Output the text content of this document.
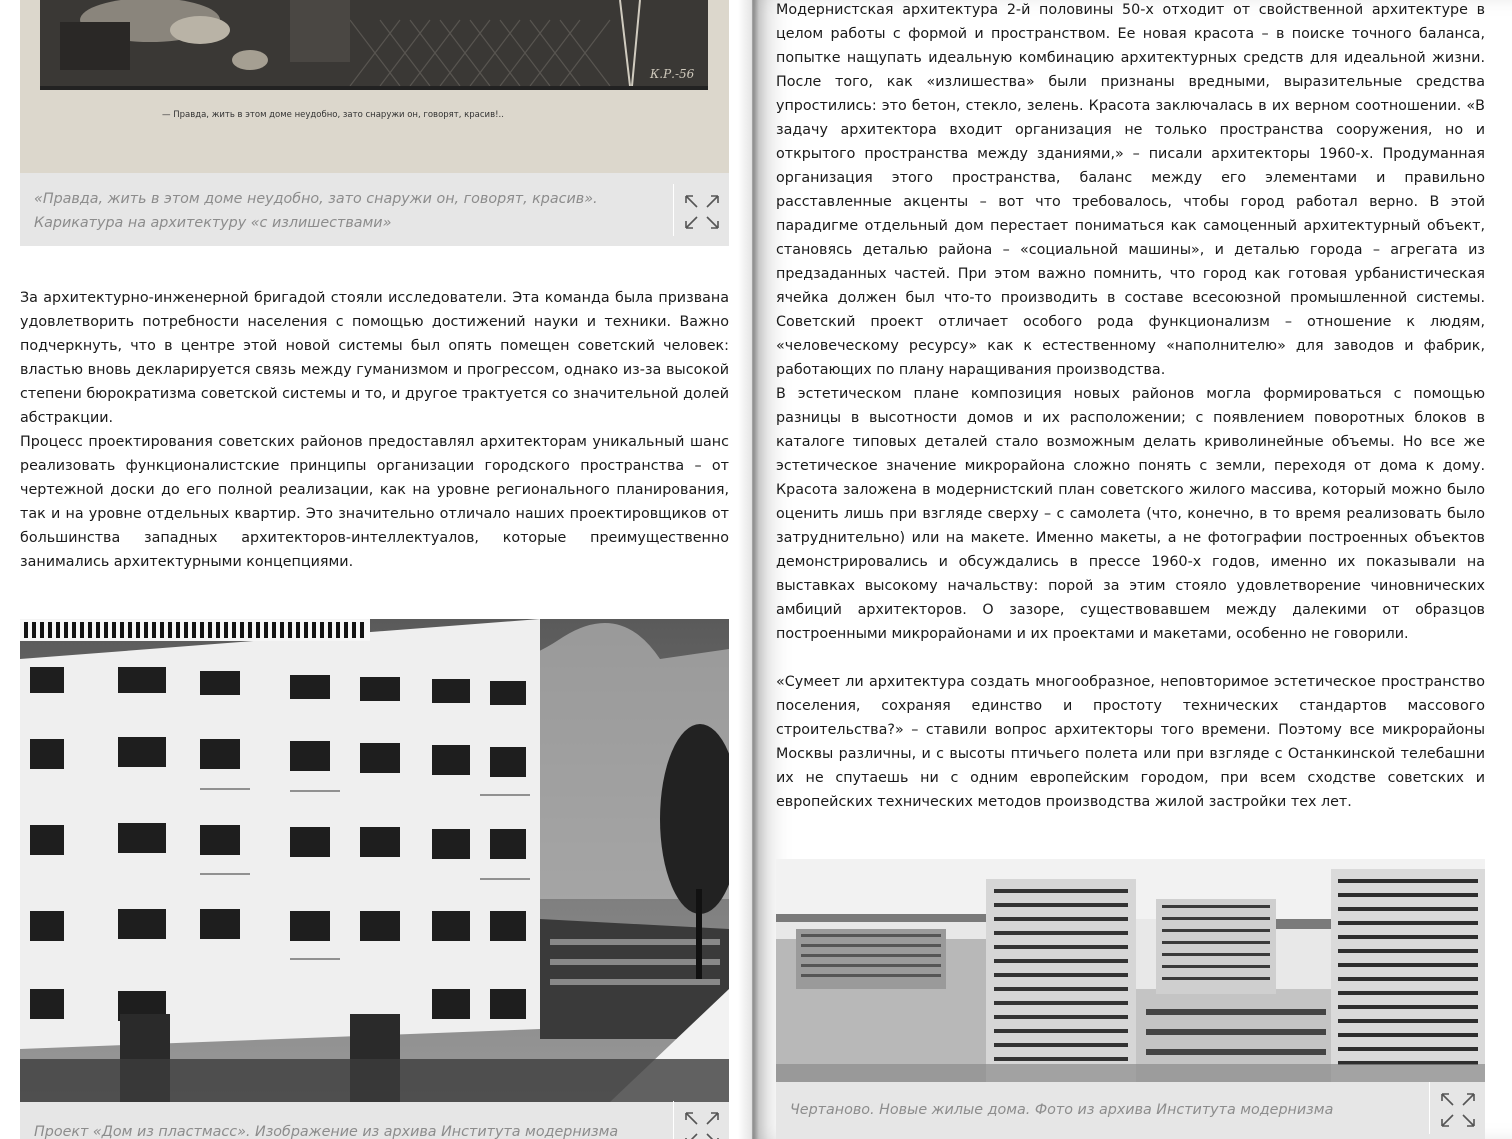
К.Р.-56
— Правда, жить в этом доме неудобно, зато снаружи он, говорят, красив!..

«Правда, жить в этом доме неудобно, зато снаружи он, говорят, красив». Карикатура на архитектуру «с излишествами»

За архитектурно-инженерной бригадой стояли исследователи. Эта команда была призвана удовлетворить потребности населения с помощью достижений науки и техники. Важно подчеркнуть, что в центре этой новой системы был опять помещен советский человек: властью вновь декларируется связь между гуманизмом и прогрессом, однако из-за высокой степени бюрократизма советской системы и то, и другое трактуется со значительной долей абстракции.

Процесс проектирования советских районов предоставлял архитекторам уникальный шанс реализовать функционалистские принципы организации городского пространства – от чертежной доски до его полной реализации, как на уровне регионального планирования, так и на уровне отдельных квартир. Это значительно отличало наших проектировщиков от большинства западных архитекторов-интеллектуалов, которые преимущественно занимались архитектурными концепциями.

Проект «Дом из пластмасс». Изображение из архива Института модернизма

Модернистская архитектура 2-й половины 50-х отходит от свойственной архитектуре в целом работы с формой и пространством. Ее новая красота – в поиске точного баланса, попытке нащупать идеальную комбинацию архитектурных средств для идеальной жизни. После того, как «излишества» были признаны вредными, выразительные средства упростились: это бетон, стекло, зелень. Красота заключалась в их верном соотношении. «В задачу архитектора входит организация не только пространства сооружения, но и открытого пространства между зданиями,» – писали архитекторы 1960-х. Продуманная организация этого пространства, баланс между его элементами и правильно расставленные акценты – вот что требовалось, чтобы город работал верно. В этой парадигме отдельный дом перестает пониматься как самоценный архитектурный объект, становясь деталью района – «социальной машины», и деталью города – агрегата из предзаданных частей. При этом важно помнить, что город как готовая урбанистическая ячейка должен был что-то производить в составе всесоюзной промышленной системы. Советский проект отличает особого рода функционализм – отношение к людям, «человеческому ресурсу» как к естественному «наполнителю» для заводов и фабрик, работающих по плану наращивания производства.

В эстетическом плане композиция новых районов могла формироваться с помощью разницы в высотности домов и их расположении; с появлением поворотных блоков в каталоге типовых деталей стало возможным делать криволинейные объемы. Но все же эстетическое значение микрорайона сложно понять с земли, переходя от дома к дому. Красота заложена в модернистский план советского жилого массива, который можно было оценить лишь при взгляде сверху – с самолета (что, конечно, в то время реализовать было затруднительно) или на макете. Именно макеты, а не фотографии построенных объектов демонстрировались и обсуждались в прессе 1960-х годов, именно их показывали на выставках высокому начальству: порой за этим стояло удовлетворение чиновнических амбиций архитекторов. О зазоре, существовавшем между далекими от образцов построенными микрорайонами и их проектами и макетами, особенно не говорили.

«Сумеет ли архитектура создать многообразное, неповторимое эстетическое пространство поселения, сохраняя единство и простоту технических стандартов массового строительства?» – ставили вопрос архитекторы того времени. Поэтому все микрорайоны Москвы различны, и с высоты птичьего полета или при взгляде с Останкинской телебашни их не спутаешь ни с одним европейским городом, при всем сходстве советских и европейских технических методов производства жилой застройки тех лет.

Чертаново. Новые жилые дома. Фото из архива Института модернизма
